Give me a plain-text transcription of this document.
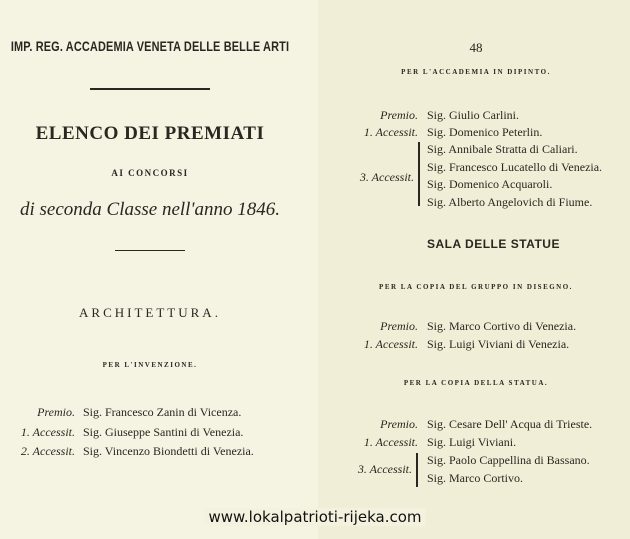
IMP. REG. ACCADEMIA VENETA DELLE BELLE ARTI
ELENCO DEI PREMIATI
AI CONCORSI
di seconda Classe nell'anno 1846.
ARCHITETTURA.
PER L'INVENZIONE.
Premio. Sig. Francesco Zanin di Vicenza.
1. Accessit. Sig. Giuseppe Santini di Venezia.
2. Accessit. Sig. Vincenzo Biondetti di Venezia.
48
PER L'ACCADEMIA IN DIPINTO.
Premio. Sig. Giulio Carlini.
1. Accessit. Sig. Domenico Peterlin.
3. Accessit.
Sig. Annibale Stratta di Caliari.
Sig. Francesco Lucatello di Venezia.
Sig. Domenico Acquaroli.
Sig. Alberto Angelovich di Fiume.
SALA DELLE STATUE
PER LA COPIA DEL GRUPPO IN DISEGNO.
Premio. Sig. Marco Cortivo di Venezia.
1. Accessit. Sig. Luigi Viviani di Venezia.
PER LA COPIA DELLA STATUA.
Premio. Sig. Cesare Dell' Acqua di Trieste.
1. Accessit. Sig. Luigi Viviani.
3. Accessit.
Sig. Paolo Cappellina di Bassano.
Sig. Marco Cortivo.
www.lokalpatrioti-rijeka.com
